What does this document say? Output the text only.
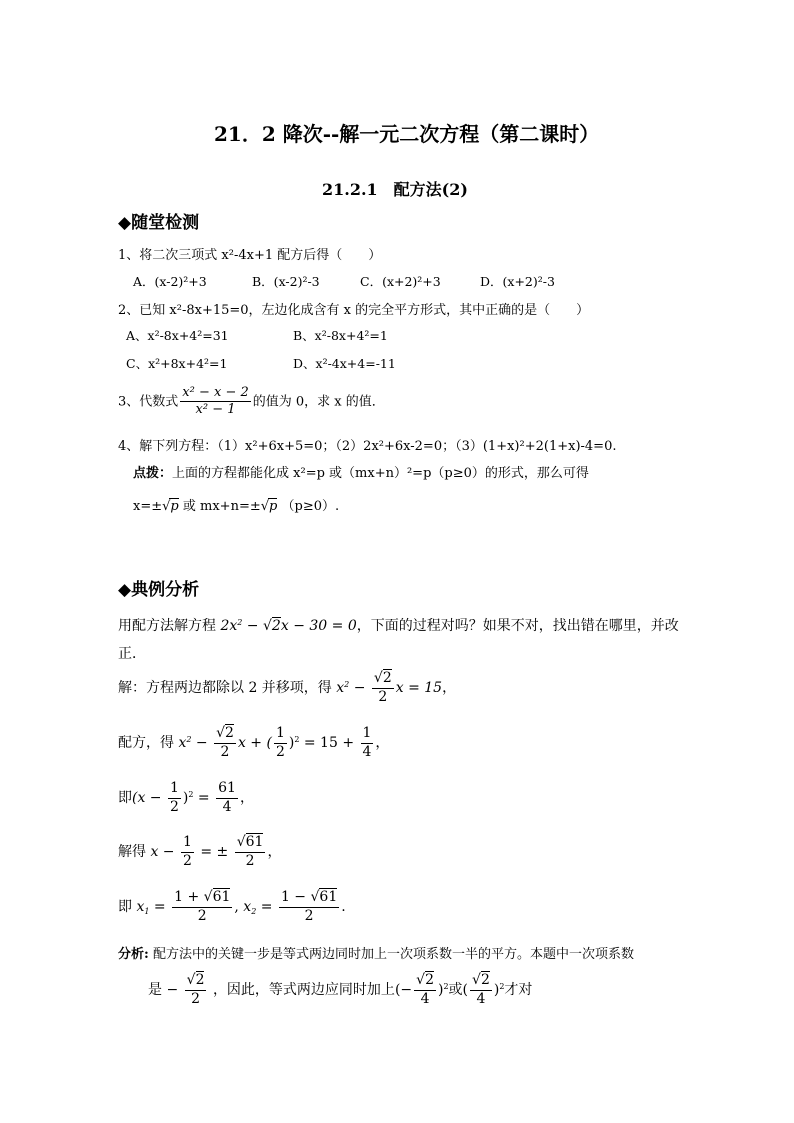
21．2 降次--解一元二次方程（第二课时）
21.2.1　配方法(2)
◆随堂检测
1、将二次三项式 x²-4x+1 配方后得（　　）
A．(x-2)²+3	B．(x-2)²-3	C．(x+2)²+3	D．(x+2)²-3
2、已知 x²-8x+15=0，左边化成含有 x 的完全平方形式，其中正确的是（　　）
A、x²-8x+4²=31	B、x²-8x+4²=1
C、x²+8x+4²=1	D、x²-4x+4=-11
3、代数式 $\frac{\text{x² − x − 2}}{\text{x² − 1}}$ 的值为 0，求 x 的值．
4、解下列方程：（1）x²+6x+5=0；（2）2x²+6x-2=0；（3）(1+x)²+2(1+x)-4=0.
点拨：上面的方程都能化成 x²=p 或（mx+n）²=p（p≥0）的形式，那么可得
x=±√p 或 mx+n=±√p （p≥0）.
◆典例分析
用配方法解方程 $2x^2 - √2x - 30 = 0$，下面的过程对吗？如果不对，找出错在哪里，并改
正．
解：方程两边都除以 2 并移项，得 $x^2 - \frac{√2}{2}$ x = 15，
配方，得 $x^2 - \frac{√2}{2}$ x + ( $\frac{1}{2} )^2 = 15 + \frac{1}{4}$ ，
即$(x - \frac{1}{2} )^2 = \frac{61}{4}$ ，
解得 $x - \frac{1}{2}$ = ± $\frac{√61}{2}$ ，
即 $x_1 = \frac{1 + √61}{2}$ , $x_2 = \frac{1 - √61}{2}$ .
分析: 配方法中的关键一步是等式两边同时加上一次项系数一半的平方。本题中一次项系数
是 − $\frac{√2}{2}$ ，因此，等式两边应同时加上(− $\frac{√2}{4} )^2$或( $\frac{√2}{4} )^2$才对
